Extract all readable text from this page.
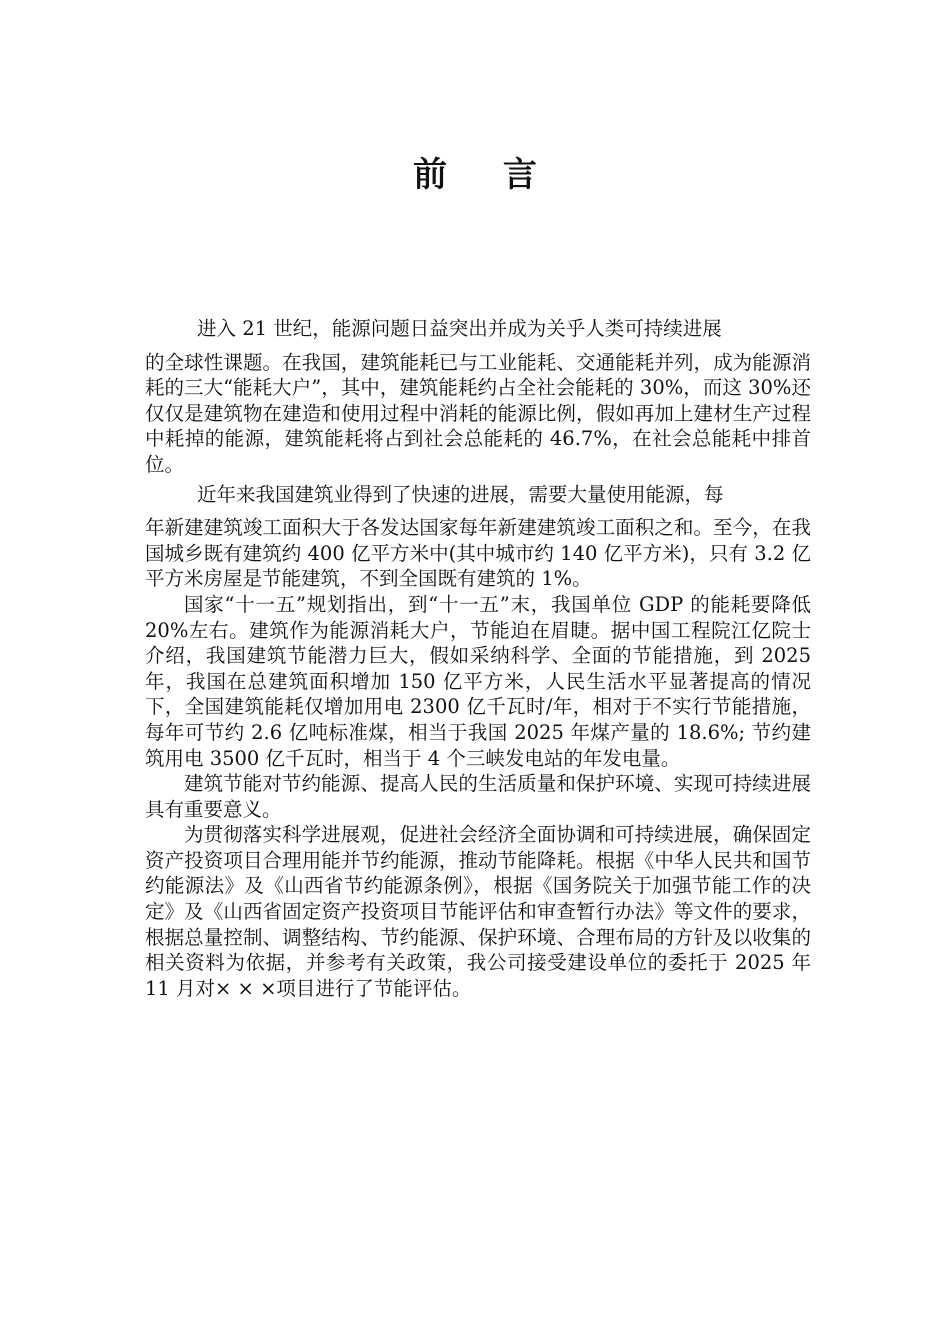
前 言

进入 21 世纪，能源问题日益突出并成为关乎人类可持续进展
的全球性课题。在我国，建筑能耗已与工业能耗、交通能耗并列，成为能源消耗的三大“能耗大户”，其中，建筑能耗约占全社会能耗的 30%，而这 30%还仅仅是建筑物在建造和使用过程中消耗的能源比例，假如再加上建材生产过程中耗掉的能源，建筑能耗将占到社会总能耗的 46.7%，在社会总能耗中排首位。

近年来我国建筑业得到了快速的进展，需要大量使用能源，每
年新建建筑竣工面积大于各发达国家每年新建建筑竣工面积之和。至今，在我国城乡既有建筑约 400 亿平方米中(其中城市约 140 亿平方米)，只有 3.2 亿平方米房屋是节能建筑，不到全国既有建筑的 1%。

国家“十一五”规划指出，到“十一五”末，我国单位 GDP 的能耗要降低 20%左右。建筑作为能源消耗大户，节能迫在眉睫。据中国工程院江亿院士介绍，我国建筑节能潜力巨大，假如采纳科学、全面的节能措施，到 2025 年，我国在总建筑面积增加 150 亿平方米，人民生活水平显著提高的情况下，全国建筑能耗仅增加用电 2300 亿千瓦时/年，相对于不实行节能措施，每年可节约 2.6 亿吨标准煤，相当于我国 2025 年煤产量的 18.6%; 节约建筑用电 3500 亿千瓦时，相当于 4 个三峡发电站的年发电量。

建筑节能对节约能源、提高人民的生活质量和保护环境、实现可持续进展具有重要意义。

为贯彻落实科学进展观，促进社会经济全面协调和可持续进展，确保固定资产投资项目合理用能并节约能源，推动节能降耗。根据《中华人民共和国节约能源法》及《山西省节约能源条例》，根据《国务院关于加强节能工作的决定》及《山西省固定资产投资项目节能评估和审查暂行办法》等文件的要求，根据总量控制、调整结构、节约能源、保护环境、合理布局的方针及以收集的相关资料为依据，并参考有关政策，我公司接受建设单位的委托于 2025 年 11 月对× × ×项目进行了节能评估。
